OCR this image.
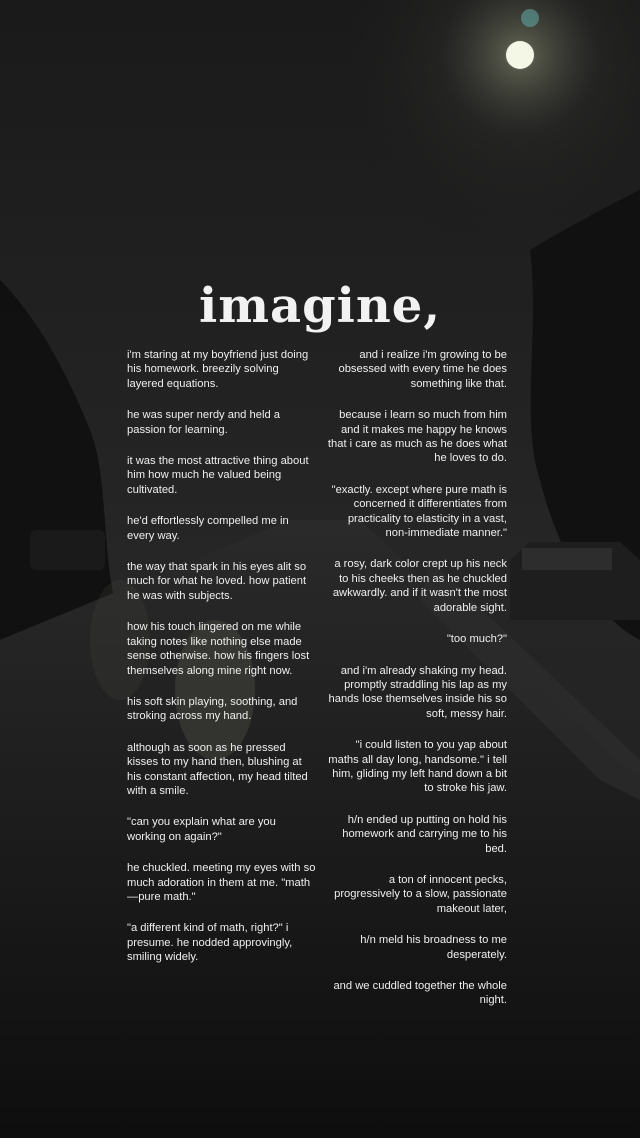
imagine,

i'm staring at my boyfriend just doing his homework. breezily solving layered equations.

he was super nerdy and held a passion for learning.

it was the most attractive thing about him how much he valued being cultivated.

he'd effortlessly compelled me in every way.

the way that spark in his eyes alit so much for what he loved. how patient he was with subjects.

how his touch lingered on me while taking notes like nothing else made sense otherwise. how his fingers lost themselves along mine right now.

his soft skin playing, soothing, and stroking across my hand.

although as soon as he pressed kisses to my hand then, blushing at his constant affection, my head tilted with a smile.

"can you explain what are you working on again?"

he chuckled. meeting my eyes with so much adoration in them at me. "math—pure math."

"a different kind of math, right?" i presume. he nodded approvingly, smiling widely.

and i realize i'm growing to be obsessed with every time he does something like that.

because i learn so much from him and it makes me happy he knows that i care as much as he does what he loves to do.

"exactly. except where pure math is concerned it differentiates from practicality to elasticity in a vast, non-immediate manner."

a rosy, dark color crept up his neck to his cheeks then as he chuckled awkwardly. and if it wasn't the most adorable sight.

"too much?"

and i'm already shaking my head. promptly straddling his lap as my hands lose themselves inside his so soft, messy hair.

"i could listen to you yap about maths all day long, handsome." i tell him, gliding my left hand down a bit to stroke his jaw.

h/n ended up putting on hold his homework and carrying me to his bed.

a ton of innocent pecks, progressively to a slow, passionate makeout later,

h/n meld his broadness to me desperately.

and we cuddled together the whole night.
